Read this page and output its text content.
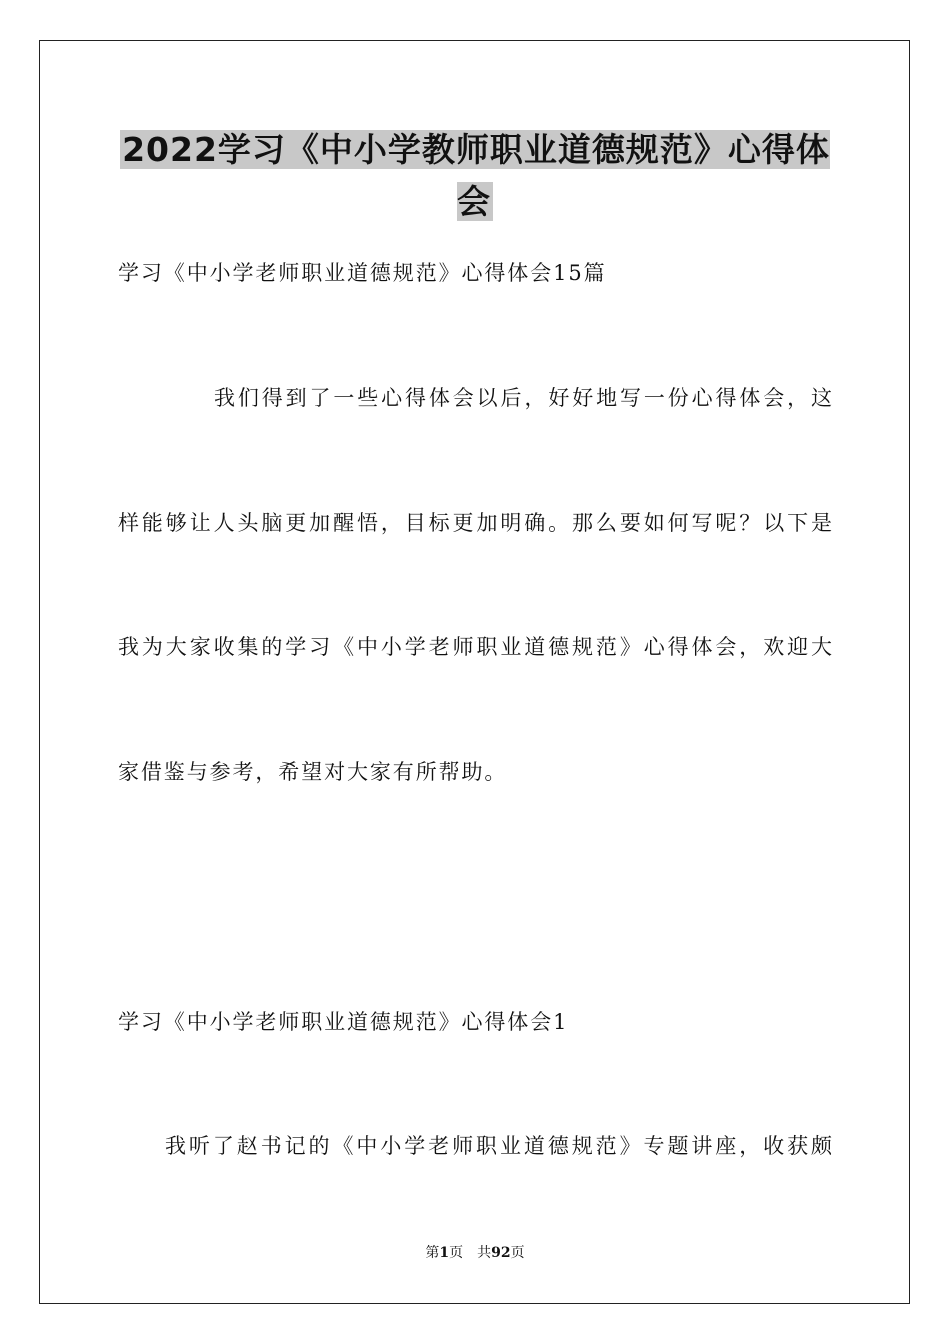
2022学习《中小学教师职业道德规范》心得体会

学习《中小学老师职业道德规范》心得体会15篇

我们得到了一些心得体会以后，好好地写一份心得体会，这

样能够让人头脑更加醒悟，目标更加明确。那么要如何写呢？以下是

我为大家收集的学习《中小学老师职业道德规范》心得体会，欢迎大

家借鉴与参考，希望对大家有所帮助。

学习《中小学老师职业道德规范》心得体会1

我听了赵书记的《中小学老师职业道德规范》专题讲座，收获颇

第1页　共92页
